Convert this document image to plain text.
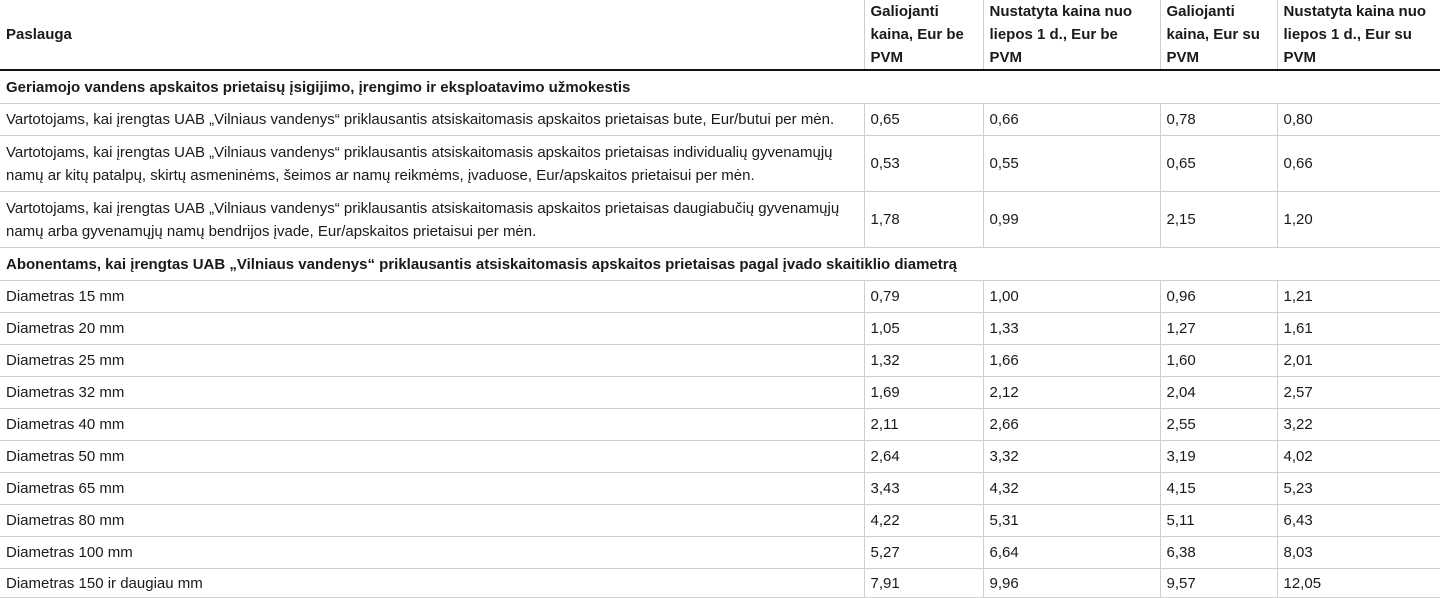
Paslauga	Galiojanti kaina, Eur be PVM	Nustatyta kaina nuo liepos 1 d., Eur be PVM	Galiojanti kaina, Eur su PVM	Nustatyta kaina nuo liepos 1 d., Eur su PVM
Geriamojo vandens apskaitos prietaisų įsigijimo, įrengimo ir eksploatavimo užmokestis				
Vartotojams, kai įrengtas UAB „Vilniaus vandenys“ priklausantis atsiskaitomasis apskaitos prietaisas bute, Eur/butui per mėn.	0,65	0,66	0,78	0,80
Vartotojams, kai įrengtas UAB „Vilniaus vandenys“ priklausantis atsiskaitomasis apskaitos prietaisas individualių gyvenamųjų namų ar kitų patalpų, skirtų asmeninėms, šeimos ar namų reikmėms, įvaduose, Eur/apskaitos prietaisui per mėn.	0,53	0,55	0,65	0,66
Vartotojams, kai įrengtas UAB „Vilniaus vandenys“ priklausantis atsiskaitomasis apskaitos prietaisas daugiabučių gyvenamųjų namų arba gyvenamųjų namų bendrijos įvade, Eur/apskaitos prietaisui per mėn.	1,78	0,99	2,15	1,20
Abonentams, kai įrengtas UAB „Vilniaus vandenys“ priklausantis atsiskaitomasis apskaitos prietaisas pagal įvado skaitiklio diametrą				
Diametras 15 mm	0,79	1,00	0,96	1,21
Diametras 20 mm	1,05	1,33	1,27	1,61
Diametras 25 mm	1,32	1,66	1,60	2,01
Diametras 32 mm	1,69	2,12	2,04	2,57
Diametras 40 mm	2,11	2,66	2,55	3,22
Diametras 50 mm	2,64	3,32	3,19	4,02
Diametras 65 mm	3,43	4,32	4,15	5,23
Diametras 80 mm	4,22	5,31	5,11	6,43
Diametras 100 mm	5,27	6,64	6,38	8,03
Diametras 150 ir daugiau mm	7,91	9,96	9,57	12,05
